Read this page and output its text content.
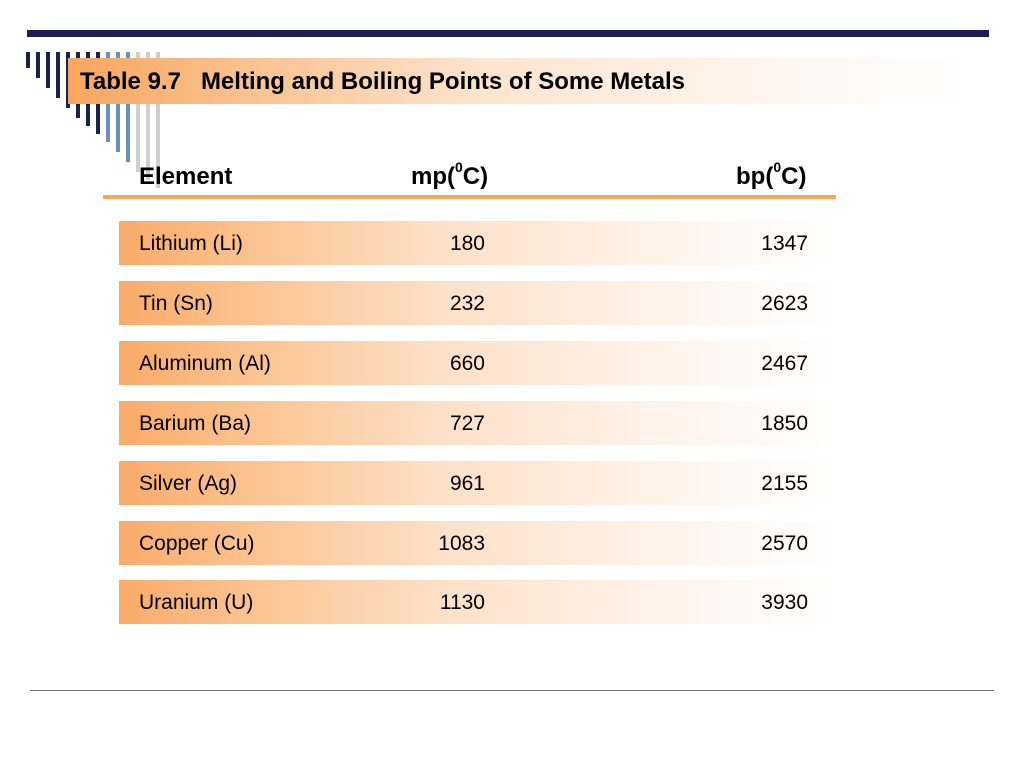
Table 9.7   Melting and Boiling Points of Some Metals
Element	mp($^0$C)	bp($^0$C)
Lithium (Li)	180	1347
Tin (Sn)	232	2623
Aluminum (Al)	660	2467
Barium (Ba)	727	1850
Silver (Ag)	961	2155
Copper (Cu)	1083	2570
Uranium (U)	1130	3930
